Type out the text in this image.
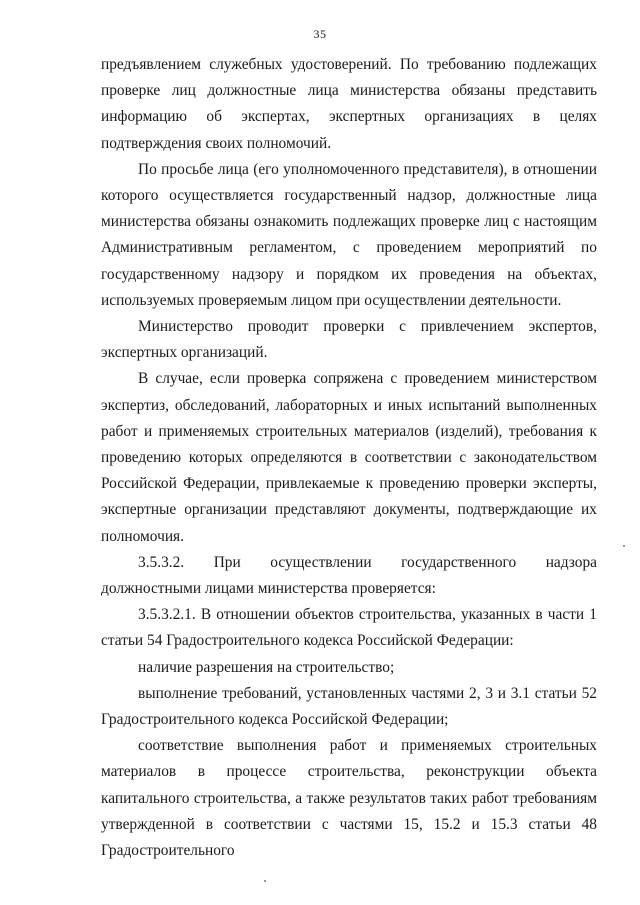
35

предъявлением служебных удостоверений. По требованию подлежащих проверке лиц должностные лица министерства обязаны представить информацию об экспертах, экспертных организациях в целях подтверждения своих полномочий.

По просьбе лица (его уполномоченного представителя), в отношении которого осуществляется государственный надзор, должностные лица министерства обязаны ознакомить подлежащих проверке лиц с настоящим Административным регламентом, с проведением мероприятий по государственному надзору и порядком их проведения на объектах, используемых проверяемым лицом при осуществлении деятельности.

Министерство проводит проверки с привлечением экспертов, экспертных организаций.

В случае, если проверка сопряжена с проведением министерством экспертиз, обследований, лабораторных и иных испытаний выполненных работ и применяемых строительных материалов (изделий), требования к проведению которых определяются в соответствии с законодательством Российской Федерации, привлекаемые к проведению проверки эксперты, экспертные организации представляют документы, подтверждающие их полномочия.

3.5.3.2. При осуществлении государственного надзора должностными лицами министерства проверяется:

3.5.3.2.1. В отношении объектов строительства, указанных в части 1 статьи 54 Градостроительного кодекса Российской Федерации:

наличие разрешения на строительство;

выполнение требований, установленных частями 2, 3 и 3.1 статьи 52 Градостроительного кодекса Российской Федерации;

соответствие выполнения работ и применяемых строительных материалов в процессе строительства, реконструкции объекта капитального строительства, а также результатов таких работ требованиям утвержденной в соответствии с частями 15, 15.2 и 15.3 статьи 48 Градостроительного
